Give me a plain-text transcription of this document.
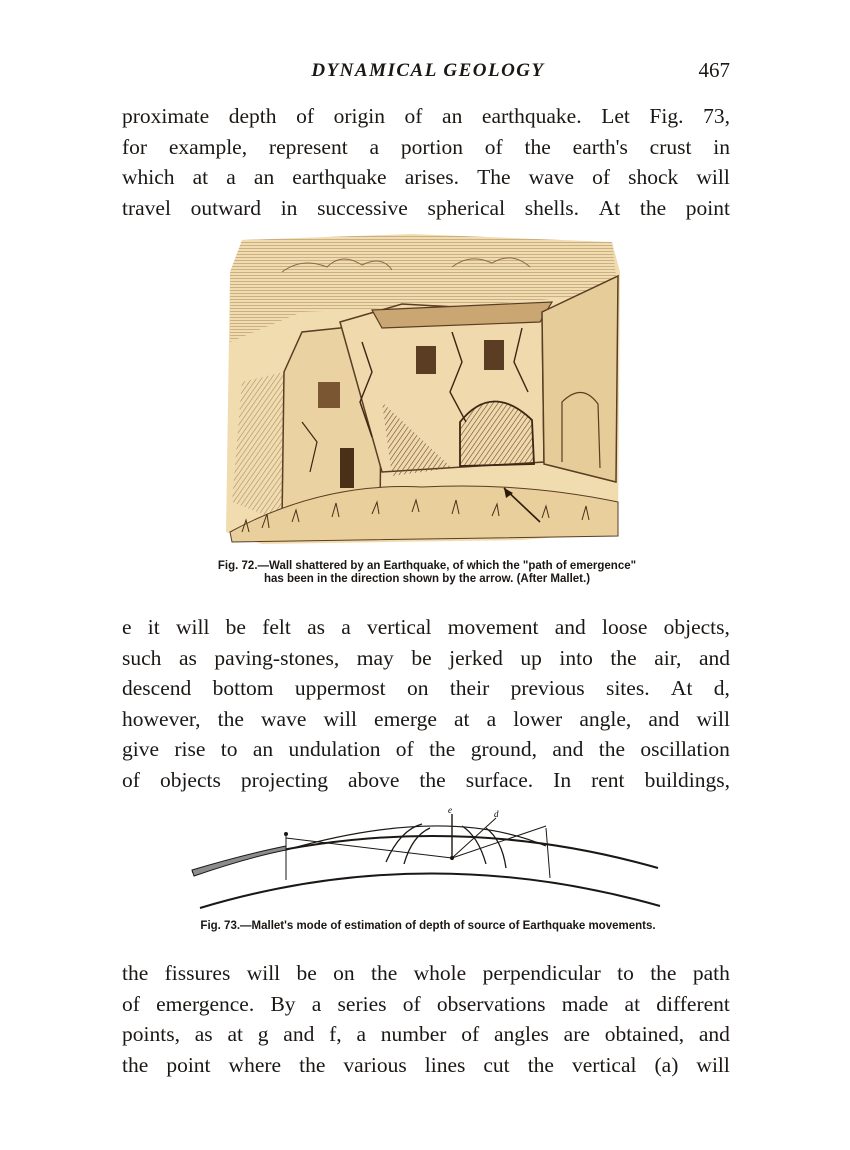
DYNAMICAL GEOLOGY	467
proximate depth of origin of an earthquake. Let Fig. 73,
for example, represent a portion of the earth's crust in
which at a an earthquake arises. The wave of shock will
travel outward in successive spherical shells. At the point
Fig. 72.—Wall shattered by an Earthquake, of which the "path of emergence"
has been in the direction shown by the arrow. (After Mallet.)
e it will be felt as a vertical movement and loose objects,
such as paving-stones, may be jerked up into the air, and
descend bottom uppermost on their previous sites. At d,
however, the wave will emerge at a lower angle, and will
give rise to an undulation of the ground, and the oscillation
of objects projecting above the surface. In rent buildings,
e	d
Fig. 73.—Mallet's mode of estimation of depth of source of Earthquake movements.
the fissures will be on the whole perpendicular to the path
of emergence. By a series of observations made at different
points, as at g and f, a number of angles are obtained, and
the point where the various lines cut the vertical (a) will
